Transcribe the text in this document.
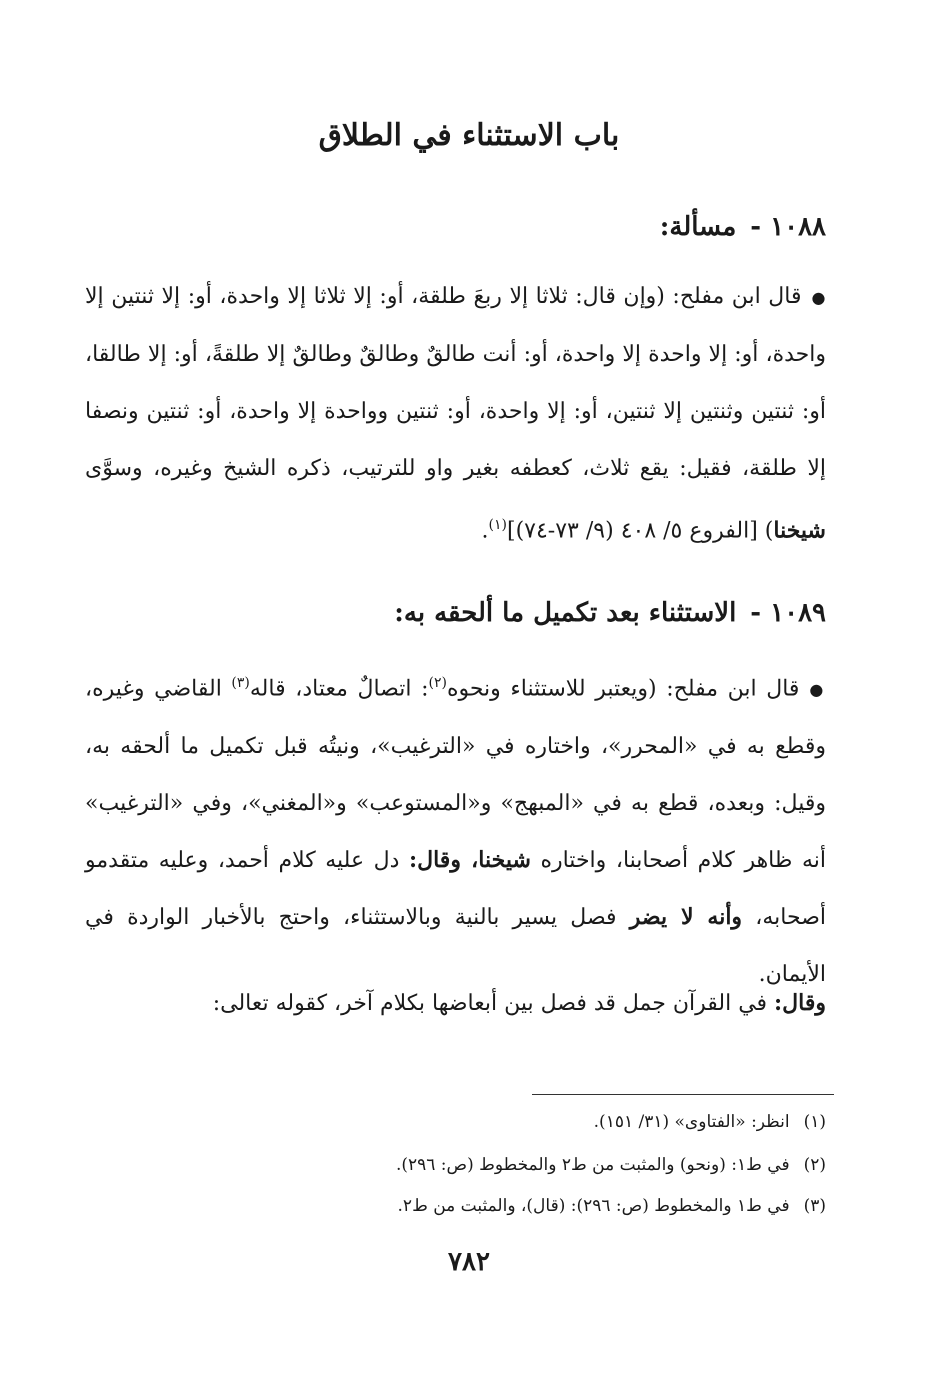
باب الاستثناء في الطلاق
١٠٨٨ -مسألة:
●قال ابن مفلح: (وإن قال: ثلاثا إلا ربعَ طلقة، أو: إلا ثلاثا إلا واحدة، أو: إلا ثنتين إلا واحدة، أو: إلا واحدة إلا واحدة، أو: أنت طالقٌ وطالقٌ وطالقٌ إلا طلقةً، أو: إلا طالقا، أو: ثنتين وثنتين إلا ثنتين، أو: إلا واحدة، أو: ثنتين وواحدة إلا واحدة، أو: ثنتين ونصفا إلا طلقة، فقيل: يقع ثلاث، كعطفه بغير واو للترتيب، ذكره الشيخ وغيره، وسوَّى شيخنا) [الفروع ٥/ ٤٠٨ (٩/ ٧٣-٧٤)]$^{(١)}$.
١٠٨٩ -الاستثناء بعد تكميل ما ألحقه به:
●قال ابن مفلح: (ويعتبر للاستثناء ونحوه$^{(٢)}$: اتصالٌ معتاد، قاله$^{(٣)}$ القاضي وغيره، وقطع به في «المحرر»، واختاره في «الترغيب»، ونيتُه قبل تكميل ما ألحقه به، وقيل: وبعده، قطع به في «المبهج» و«المستوعب» و«المغني»، وفي «الترغيب» أنه ظاهر كلام أصحابنا، واختاره شيخنا، وقال: دل عليه كلام أحمد، وعليه متقدمو أصحابه، وأنه لا يضر فصل يسير بالنية وبالاستثناء، واحتج بالأخبار الواردة في الأيمان.
وقال: في القرآن جمل قد فصل بين أبعاضها بكلام آخر، كقوله تعالى:
(١)انظر: «الفتاوى» (٣١/ ١٥١).
(٢)في ط١: (ونحو) والمثبت من ط٢ والمخطوط (ص: ٢٩٦).
(٣)في ط١ والمخطوط (ص: ٢٩٦): (قال)، والمثبت من ط٢.
٧٨٢
